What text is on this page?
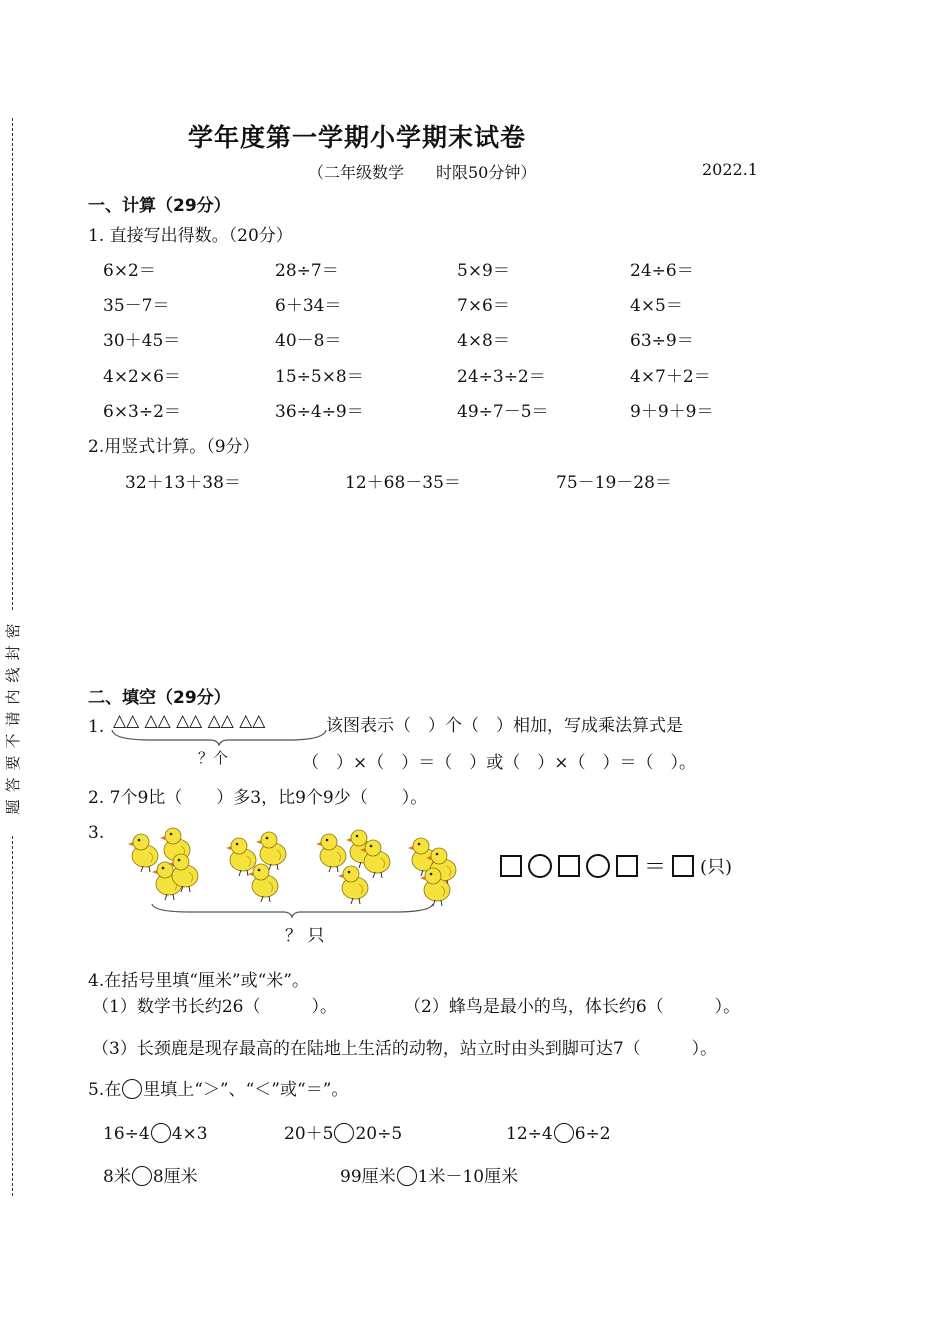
密
封
线
内
请
不
要
答
题
学年度第一学期小学期末试卷
（二年级数学　　时限50分钟）	2022.1
一、计算（29分）
1. 直接写出得数。（20分）
6×2＝	28÷7＝	5×9＝	24÷6＝
35－7＝	6＋34＝	7×6＝	4×5＝
30＋45＝	40－8＝	4×8＝	63÷9＝
4×2×6＝	15÷5×8＝	24÷3÷2＝	4×7＋2＝
6×3÷2＝	36÷4÷9＝	49÷7－5＝	9＋9＋9＝
2.用竖式计算。（9分）
32＋13＋38＝	12＋68－35＝	75－19－28＝
二、填空（29分）
1. △△ △△ △△ △△ △△
？个
该图表示（　）个（　）相加，写成乘法算式是
（　）×（　）＝（　）或（　）×（　）＝（　）。
2. 7个9比（　　）多3，比9个9少（　　）。
3.
？ 只
＝ (只)
4.在括号里填“厘米”或“米”。
（1）数学书长约26（　　　）。	（2）蜂鸟是最小的鸟，体长约6（　　　）。
（3）长颈鹿是现存最高的在陆地上生活的动物，站立时由头到脚可达7（　　　）。
5.在 里填上“＞”、“＜”或“＝”。
16÷4 4×3	20＋5 20÷5	12÷4 6÷2
8米 8厘米	99厘米 1米－10厘米
